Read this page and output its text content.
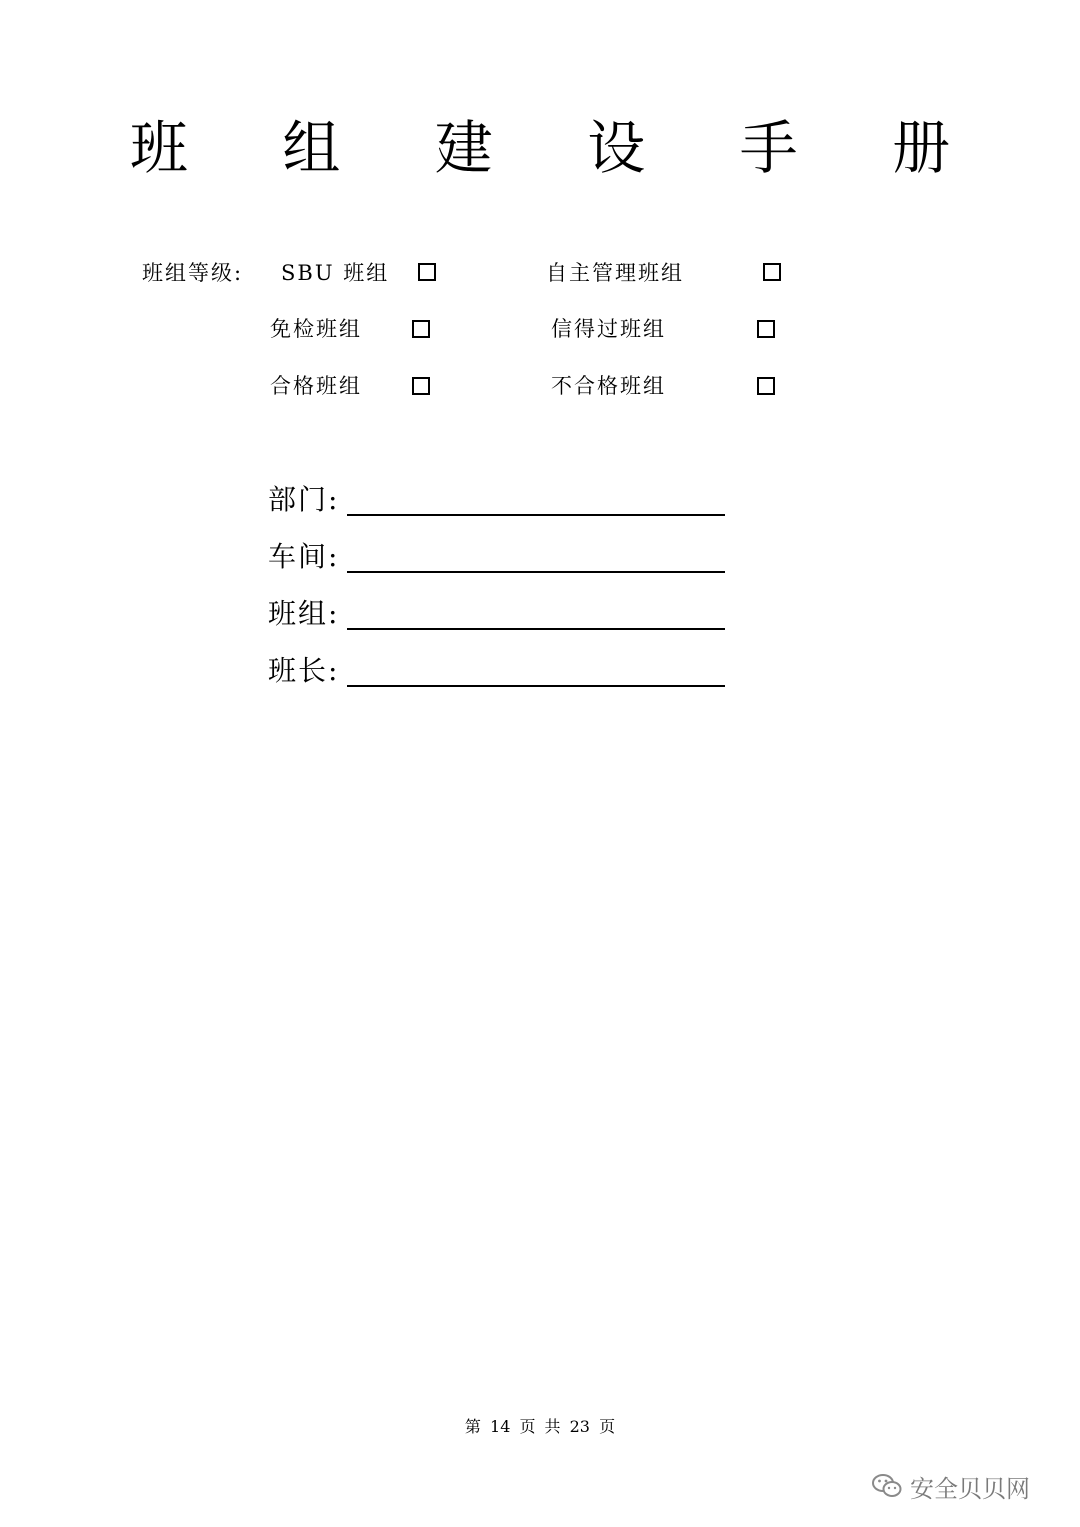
班 组 建 设 手 册
班组等级: SBU 班组	自主管理班组
免检班组	信得过班组
合格班组	不合格班组
部门:
车间:
班组:
班长:
第 14 页 共 23 页
安全贝贝网
